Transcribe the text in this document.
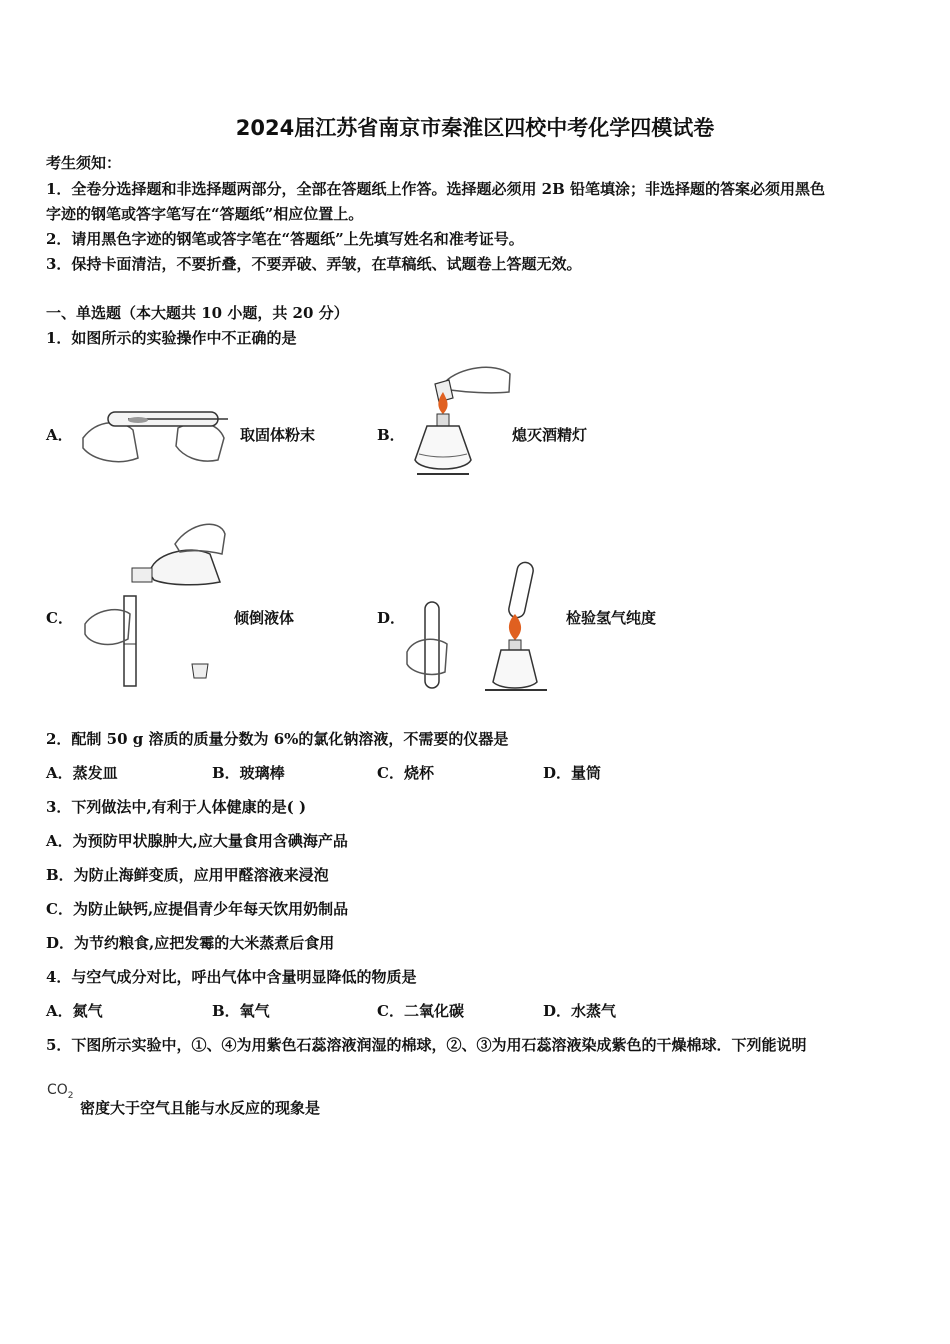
2024届江苏省南京市秦淮区四校中考化学四模试卷
考生须知：
1．全卷分选择题和非选择题两部分，全部在答题纸上作答。选择题必须用 2B 铅笔填涂；非选择题的答案必须用黑色
字迹的钢笔或答字笔写在“答题纸”相应位置上。
2．请用黑色字迹的钢笔或答字笔在“答题纸”上先填写姓名和准考证号。
3．保持卡面清洁，不要折叠，不要弄破、弄皱，在草稿纸、试题卷上答题无效。
一、单选题（本大题共 10 小题，共 20 分）
1．如图所示的实验操作中不正确的是
A．	取固体粉末	B．	熄灭酒精灯
C．	倾倒液体	D．	检验氢气纯度
2．配制 50 g 溶质的质量分数为 6%的氯化钠溶液，不需要的仪器是
A．蒸发皿	B．玻璃棒	C．烧杯	D．量筒
3．下列做法中,有利于人体健康的是( )
A．为预防甲状腺肿大,应大量食用含碘海产品
B．为防止海鲜变质，应用甲醛溶液来浸泡
C．为防止缺钙,应提倡青少年每天饮用奶制品
D．为节约粮食,应把发霉的大米蒸煮后食用
4．与空气成分对比，呼出气体中含量明显降低的物质是
A．氮气	B．氧气	C．二氧化碳	D．水蒸气
5．下图所示实验中，①、④为用紫色石蕊溶液润湿的棉球，②、③为用石蕊溶液染成紫色的干燥棉球．下列能说明
$CO_2$
密度大于空气且能与水反应的现象是
